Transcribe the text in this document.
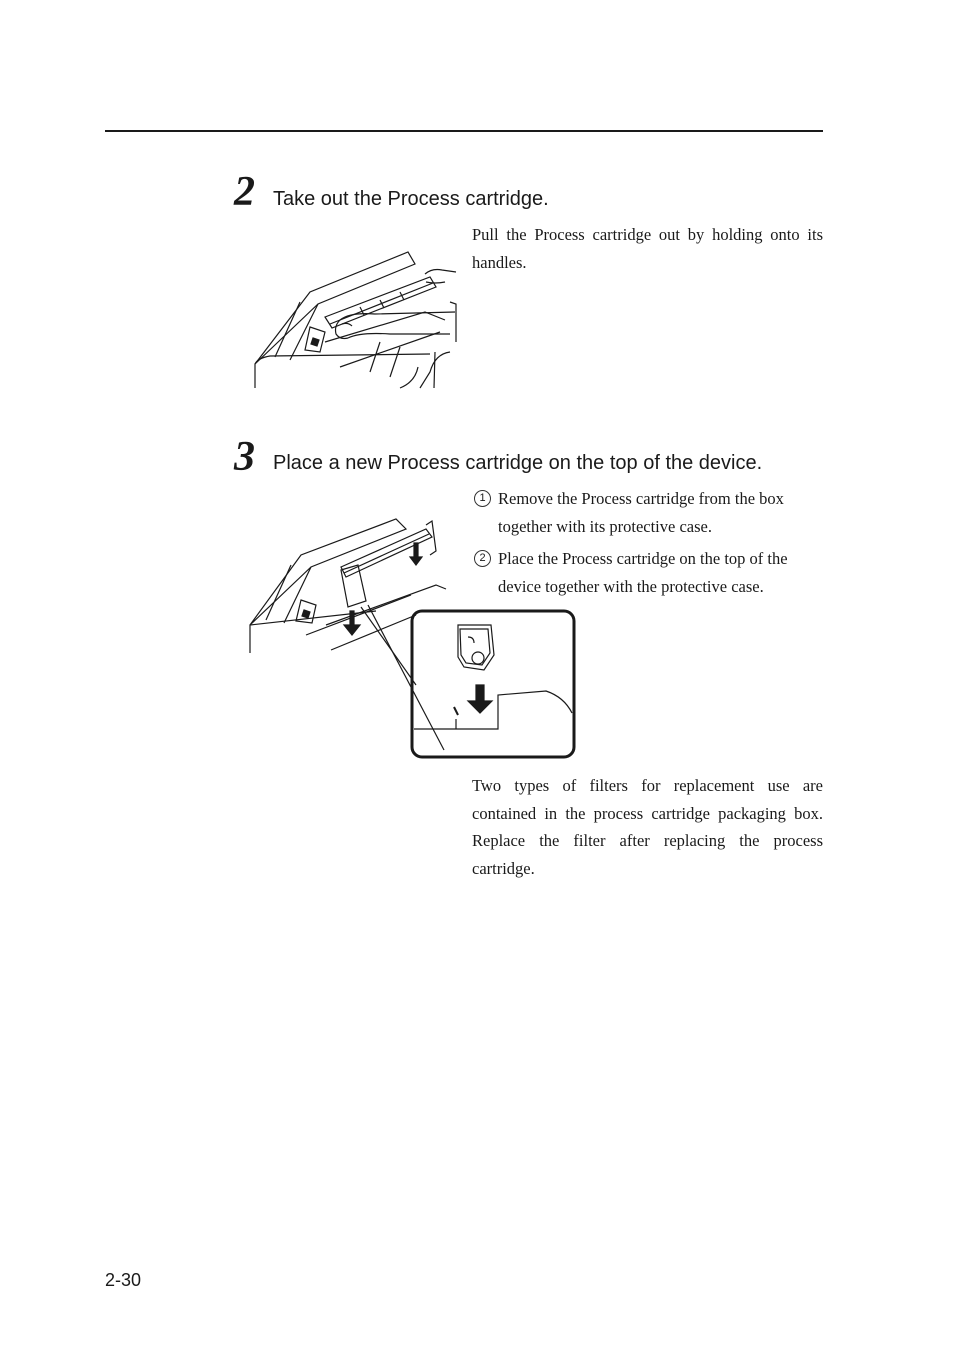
2 Take out the Process cartridge.
Pull the Process cartridge out by holding onto its handles.
3 Place a new Process cartridge on the top of the device.
1 Remove the Process cartridge from the box together with its protective case.
2 Place the Process cartridge on the top of the device together with the protective case.
Two types of filters for replacement use are contained in the process cartridge packaging box. Replace the filter after replacing the process cartridge.
2-30
